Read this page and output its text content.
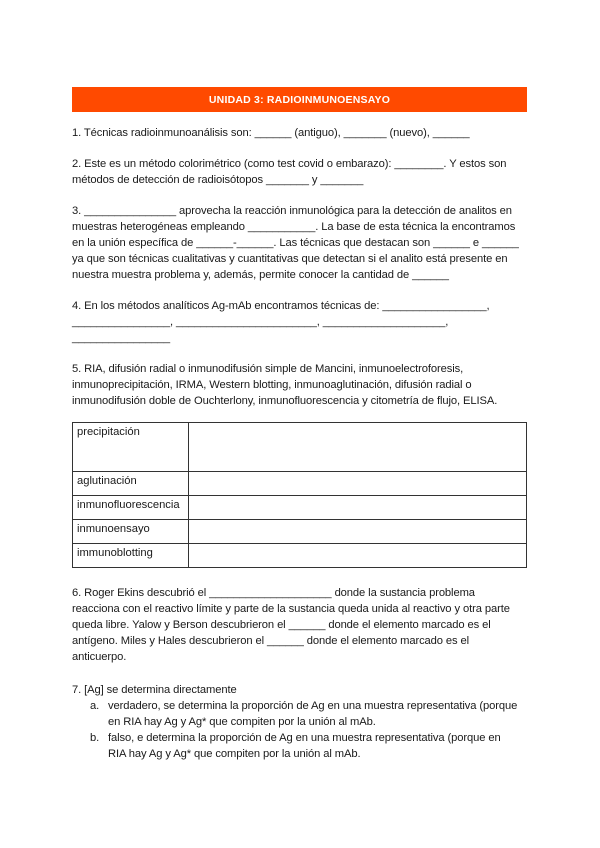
UNIDAD 3: RADIOINMUNOENSAYO

1. Técnicas radioinmunoanálisis son: ______ (antiguo), _______ (nuevo), ______

2. Este es un método colorimétrico (como test covid o embarazo): ________. Y estos son
métodos de detección de radioisótopos _______ y _______

3. _______________ aprovecha la reacción inmunológica para la detección de analitos en
muestras heterogéneas empleando ___________. La base de esta técnica la encontramos
en la unión específica de ______-______. Las técnicas que destacan son ______ e ______
ya que son técnicas cualitativas y cuantitativas que detectan si el analito está presente en
nuestra muestra problema y, además, permite conocer la cantidad de ______

4. En los métodos analíticos Ag-mAb encontramos técnicas de: _________________,
________________, _______________________, ____________________,
________________

5. RIA, difusión radial o inmunodifusión simple de Mancini, inmunoelectroforesis,
inmunoprecipitación, IRMA, Western blotting, inmunoaglutinación, difusión radial o
inmunodifusión doble de Ouchterlony, inmunofluorescencia y citometría de flujo, ELISA.

precipitación	
aglutinación	
inmunofluorescencia	
inmunoensayo	
immunoblotting	

6. Roger Ekins descubrió el ____________________ donde la sustancia problema
reacciona con el reactivo límite y parte de la sustancia queda unida al reactivo y otra parte
queda libre. Yalow y Berson descubrieron el ______ donde el elemento marcado es el
antígeno. Miles y Hales descubrieron el ______ donde el elemento marcado es el
anticuerpo.

7. [Ag] se determina directamente
a. verdadero, se determina la proporción de Ag en una muestra representativa (porque
en RIA hay Ag y Ag* que compiten por la unión al mAb.
b. falso, e determina la proporción de Ag en una muestra representativa (porque en
RIA hay Ag y Ag* que compiten por la unión al mAb.
